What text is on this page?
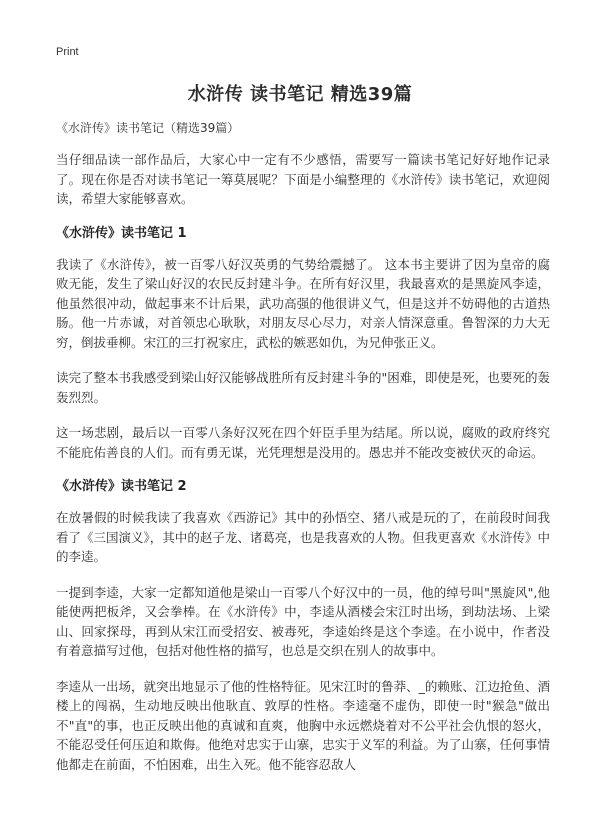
Print
水浒传 读书笔记 精选39篇
《水浒传》读书笔记（精选39篇）

当仔细品读一部作品后，大家心中一定有不少感悟，需要写一篇读书笔记好好地作记录了。现在你是否对读书笔记一筹莫展呢？下面是小编整理的《水浒传》读书笔记，欢迎阅读，希望大家能够喜欢。

《水浒传》读书笔记 1

我读了《水浒传》，被一百零八好汉英勇的气势给震撼了。 这本书主要讲了因为皇帝的腐败无能，发生了梁山好汉的农民反封建斗争。在所有好汉里，我最喜欢的是黑旋风李逵，他虽然很冲动，做起事来不计后果，武功高强的他很讲义气，但是这并不妨碍他的古道热肠。他一片赤诚，对首领忠心耿耿，对朋友尽心尽力，对亲人情深意重。鲁智深的力大无穷，倒拔垂柳。宋江的三打祝家庄，武松的嫉恶如仇，为兄伸张正义。

读完了整本书我感受到梁山好汉能够战胜所有反封建斗争的"困难，即使是死，也要死的轰轰烈烈。

这一场悲剧，最后以一百零八条好汉死在四个奸臣手里为结尾。所以说，腐败的政府终究不能庇佑善良的人们。而有勇无谋，光凭理想是没用的。愚忠并不能改变被伏灭的命运。

《水浒传》读书笔记 2

在放暑假的时候我读了我喜欢《西游记》其中的孙悟空、猪八戒是玩的了，在前段时间我看了《三国演义》，其中的赵子龙、诸葛亮，也是我喜欢的人物。但我更喜欢《水浒传》中的李逵。

一提到李逵，大家一定都知道他是梁山一百零八个好汉中的一员，他的绰号叫"黑旋风",他能使两把板斧，又会拳棒。在《水浒传》中，李逵从酒楼会宋江时出场，到劫法场、上梁山、回家探母，再到从宋江而受招安、被毒死，李逵始终是这个李逵。在小说中，作者没有着意描写过他，包括对他性格的描写，也总是交织在别人的故事中。

李逵从一出场，就突出地显示了他的性格特征。见宋江时的鲁莽、_的赖账、江边抢鱼、酒楼上的闯祸，生动地反映出他耿直、敦厚的性格。李逵毫不虚伪，即使一时"猴急"做出不"直"的事，也正反映出他的真诚和直爽，他胸中永远燃烧着对不公平社会仇恨的怒火，不能忍受任何压迫和欺侮。他绝对忠实于山寨，忠实于义军的利益。为了山寨，任何事情他都走在前面，不怕困难，出生入死。他不能容忍敌人
